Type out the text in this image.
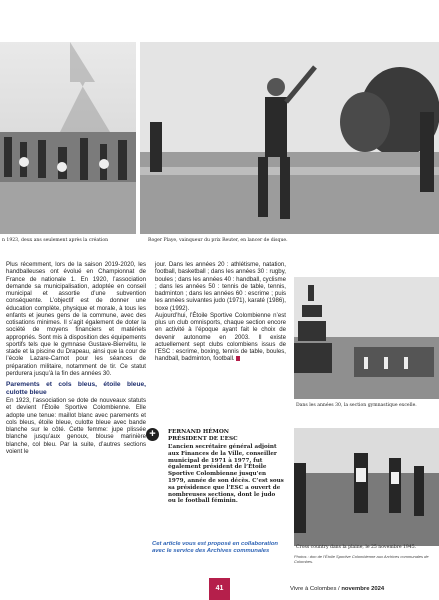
n 1923, deux ans seulement après la création	Roger Playe, vainqueur du prix Reuter, en lancer de disque.

Plus récemment, lors de la saison 2019-2020, les handballeuses ont évolué en Championnat de France de nationale 1. En 1920, l’association demande sa municipalisation, adoptée en conseil municipal et assortie d’une subvention conséquente. L’objectif est de donner une éducation complète, physique et morale, à tous les enfants et jeunes gens de la commune, avec des cotisations minimes. Il s’agit également de doter la société de moyens financiers et matériels appropriés. Sont mis à disposition des équipements sportifs tels que le gymnase Gustave-Bienvêtu, le stade et la piscine du Drapeau, ainsi que la cour de l’école Lazare-Carnot pour les séances de préparation militaire, notamment de tir. Ce statut perdurera jusqu’à la fin des années 30.

Parements et cols bleus, étoile bleue, culotte bleue

En 1923, l’association se dote de nouveaux statuts et devient l’Étoile Sportive Colombienne. Elle adopte une tenue: maillot blanc avec parements et cols bleus, étoile bleue, culotte bleue avec bande blanche sur le côté. Cette femme: jupe plissée blanche jusqu’aux genoux, blouse marinière blanche, col bleu. Par la suite, d’autres sections voient le

jour. Dans les années 20 : athlétisme, natation, football, basketball ; dans les années 30 : rugby, boules ; dans les années 40 : handball, cyclisme ; dans les années 50 : tennis de table, tennis, badminton ; dans les années 60 : escrime ; puis les années suivantes judo (1971), karaté (1986), boxe (1992).

Aujourd’hui, l’Étoile Sportive Colombienne n’est plus un club omnisports, chaque section encore en activité à l’époque ayant fait le choix de devenir autonome en 2003. Il existe actuellement sept clubs colombiens issus de l’ESC : escrime, boxing, tennis de table, boules, handball, badminton, football.

+	FERNAND HÉMON
PRÉSIDENT DE L’ESC
L’ancien secrétaire général adjoint aux Finances de la Ville, conseiller municipal de 1971 à 1977, fut également président de l’Étoile Sportive Colombienne jusqu’en 1979, année de son décès. C’est sous sa présidence que l’ESC a ouvert de nombreuses sections, dont le judo ou le football féminin.
Cet article vous est proposé en collaboration avec le service des Archives communales
Dans les années 30, la section gymnastique excelle.
Cross country dans la plaine, le 25 novembre 1945.
Photos : don de l’Étoile Sportive Colombienne aux Archives communales de Colombes.
41	Vivre à Colombes / novembre 2024
